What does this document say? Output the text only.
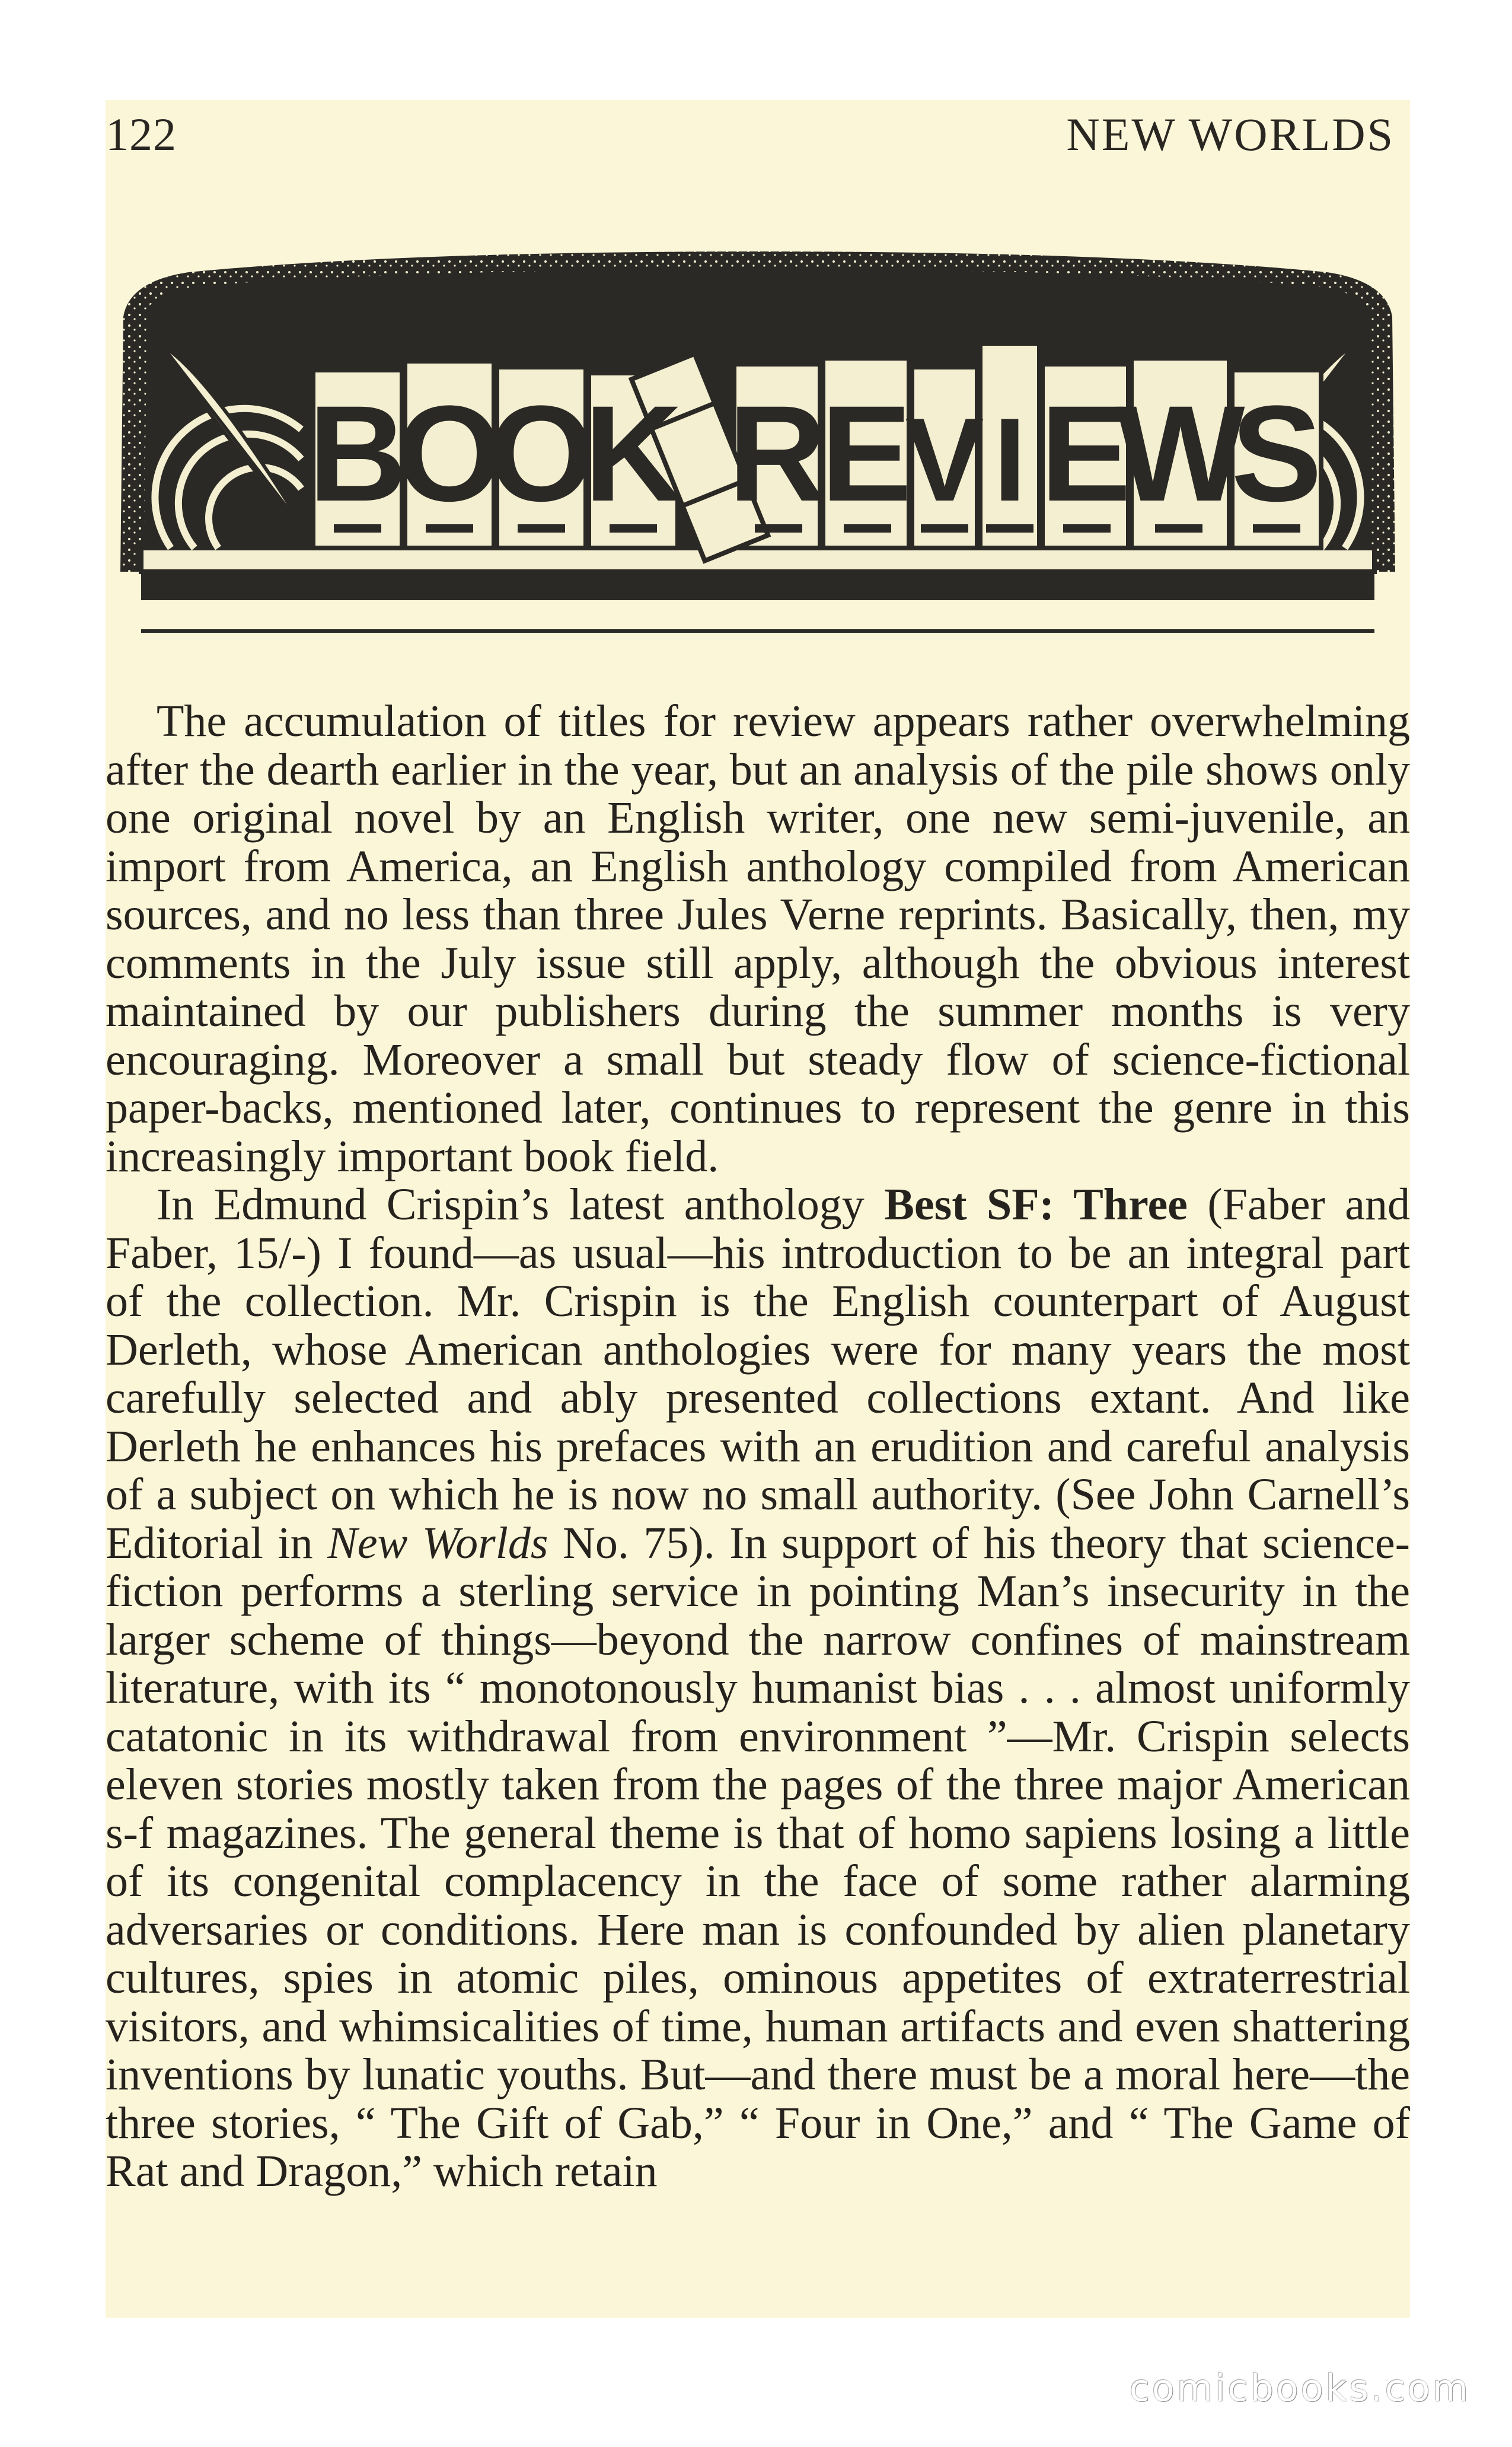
122	NEW WORLDS
B
O
O
K R
E
V I E
W
S

The accumulation of titles for review appears rather overwhelming after the dearth earlier in the year, but an analysis of the pile shows only one original novel by an English writer, one new semi-juvenile, an import from America, an English anthology compiled from American sources, and no less than three Jules Verne reprints. Basically, then, my comments in the July issue still apply, although the obvious interest maintained by our publishers during the summer months is very encouraging. Moreover a small but steady flow of science-fictional paper-backs, mentioned later, continues to represent the genre in this increasingly important book field.

In Edmund Crispin’s latest anthology Best SF: Three (Faber and Faber, 15/-) I found—as usual—his introduction to be an integral part of the collection. Mr. Crispin is the English counterpart of August Derleth, whose American anthologies were for many years the most carefully selected and ably presented collections extant. And like Derleth he enhances his prefaces with an erudition and careful analysis of a subject on which he is now no small authority. (See John Carnell’s Editorial in New Worlds No. 75). In support of his theory that science-fiction performs a sterling service in pointing Man’s insecurity in the larger scheme of things—beyond the narrow confines of mainstream literature, with its “ monotonously humanist bias . . . almost uniformly catatonic in its withdrawal from environment ”—Mr. Crispin selects eleven stories mostly taken from the pages of the three major American s-f magazines. The general theme is that of homo sapiens losing a little of its congenital complacency in the face of some rather alarming adversaries or conditions. Here man is confounded by alien planetary cultures, spies in atomic piles, ominous appetites of extraterrestrial visitors, and whimsicalities of time, human artifacts and even shattering inventions by lunatic youths. But—and there must be a moral here—the three stories, “ The Gift of Gab,” “ Four in One,” and “ The Game of Rat and Dragon,” which retain

comicbooks.com
